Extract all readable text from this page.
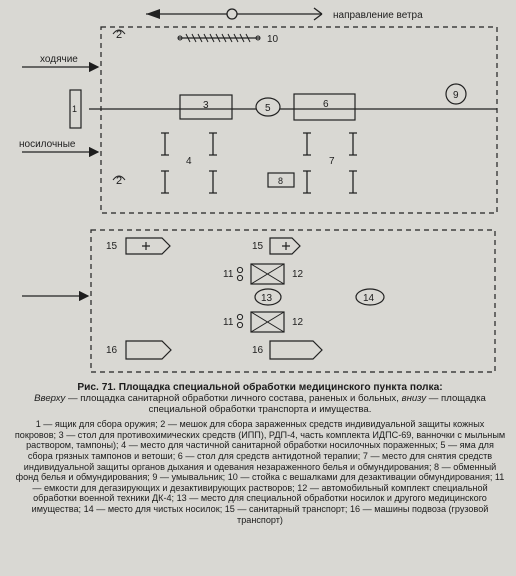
направление ветра
2	10
ходячие
1	3	5	6
9
носилочные
4	7
2	8
15	15
11	12
13	14
11	12
16	16

Рис. 71. Площадка специальной обработки медицинского пункта полка:

Вверху — площадка санитарной обработки личного состава, раненых и больных, внизу — площадка специальной обработки транспорта и имущества.

1 — ящик для сбора оружия; 2 — мешок для сбора зараженных средств индивидуальной защиты кожных покровов; 3 — стол для противохимических средств (ИПП), РДП-4, часть комплекта ИДПС-69, ванночки с мыльным раствором, тампоны); 4 — место для частичной санитарной обработки носилочных пораженных; 5 — яма для сбора грязных тампонов и ветоши; 6 — стол для средств антидотной терапии; 7 — место для снятия средств индивидуальной защиты органов дыхания и одевания незараженного белья и обмундирования; 8 — обменный фонд белья и обмундирования; 9 — умывальник; 10 — стойка с вешалками для дезактивации обмундирования; 11 — емкости для дегазирующих и дезактивирующих растворов; 12 — автомобильный комплект специальной обработки военной техники ДК-4; 13 — место для специальной обработки носилок и другого медицинского имущества; 14 — место для чистых носилок; 15 — санитарный транспорт; 16 — машины подвоза (грузовой транспорт)
